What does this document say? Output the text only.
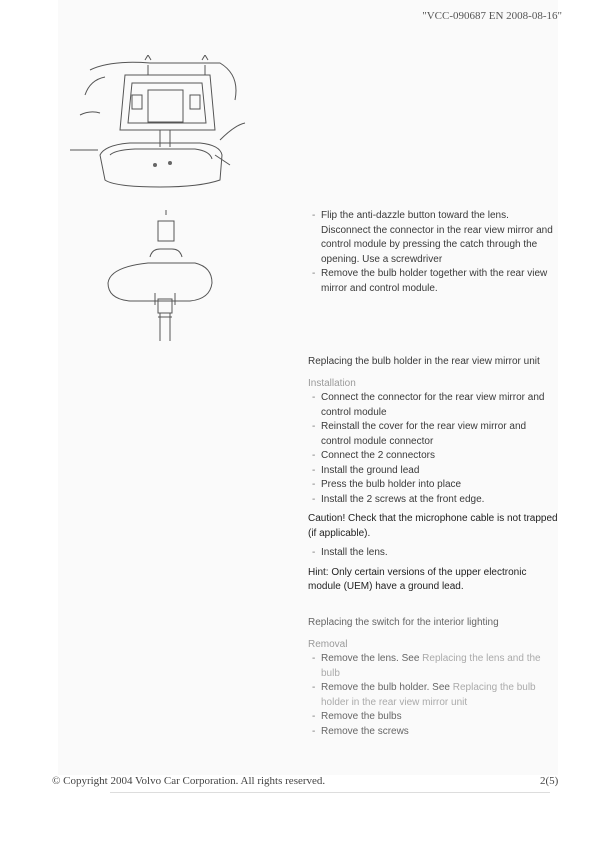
"VCC-090687 EN 2008-08-16"
- Flip the anti-dazzle button toward the lens. Disconnect the connector in the rear view mirror and control module by pressing the catch through the opening. Use a screwdriver
- Remove the bulb holder together with the rear view mirror and control module.

Replacing the bulb holder in the rear view mirror unit

Installation

- Connect the connector for the rear view mirror and control module
- Reinstall the cover for the rear view mirror and control module connector
- Connect the 2 connectors
- Install the ground lead
- Press the bulb holder into place
- Install the 2 screws at the front edge.

Caution! Check that the microphone cable is not trapped (if applicable).

- Install the lens.

Hint: Only certain versions of the upper electronic module (UEM) have a ground lead.

Replacing the switch for the interior lighting

Removal

- Remove the lens. See Replacing the lens and the bulb
- Remove the bulb holder. See Replacing the bulb holder in the rear view mirror unit
- Remove the bulbs
- Remove the screws
© Copyright 2004 Volvo Car Corporation. All rights reserved.	2(5)
